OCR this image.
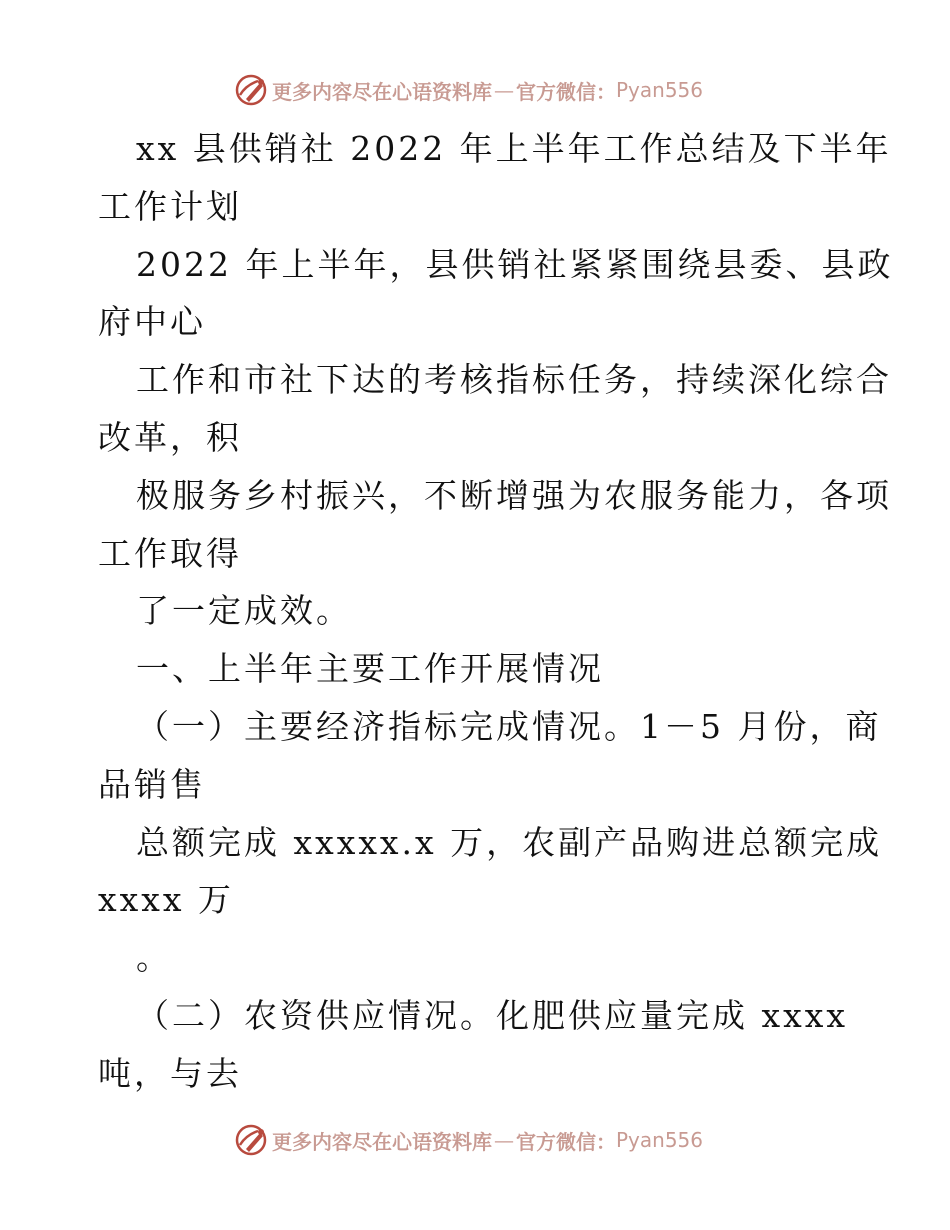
更多内容尽在心语资料库 — 官方微信： Pyan556
xx 县供销社 2022 年上半年工作总结及下半年
工作计划
2022 年上半年，县供销社紧紧围绕县委、县政
府中心
工作和市社下达的考核指标任务，持续深化综合
改革，积
极服务乡村振兴，不断增强为农服务能力，各项
工作取得
了一定成效。
一、上半年主要工作开展情况
（一）主要经济指标完成情况。1－5 月份，商
品销售
总额完成 xxxxx.x 万，农副产品购进总额完成
xxxx 万
。
（二）农资供应情况。化肥供应量完成 xxxx
吨，与去
更多内容尽在心语资料库 — 官方微信： Pyan556
